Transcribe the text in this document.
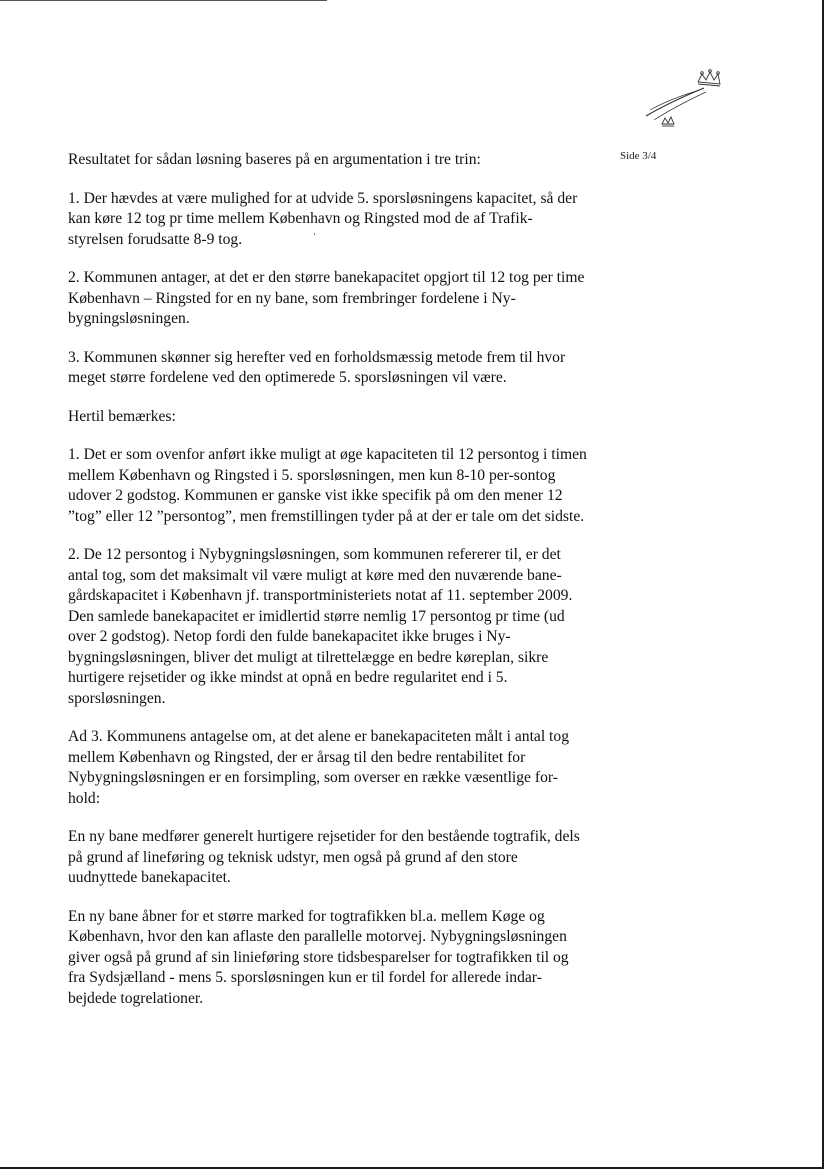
Side 3/4

Resultatet for sådan løsning baseres på en argumentation i tre trin:

1. Der hævdes at være mulighed for at udvide 5. sporsløsningens kapacitet, så der kan køre 12 tog pr time mellem København og Ringsted mod de af Trafik-styrelsen forudsatte 8-9 tog.

2. Kommunen antager, at det er den større banekapacitet opgjort til 12 tog per time København – Ringsted for en ny bane, som frembringer fordelene i Ny-bygningsløsningen.

3. Kommunen skønner sig herefter ved en forholdsmæssig metode frem til hvor meget større fordelene ved den optimerede 5. sporsløsningen vil være.

Hertil bemærkes:

1. Det er som ovenfor anført ikke muligt at øge kapaciteten til 12 persontog i timen mellem København og Ringsted i 5. sporsløsningen, men kun 8-10 per-sontog udover 2 godstog. Kommunen er ganske vist ikke specifik på om den mener 12 ”tog” eller 12 ”persontog”, men fremstillingen tyder på at der er tale om det sidste.

2. De 12 persontog i Nybygningsløsningen, som kommunen refererer til, er det antal tog, som det maksimalt vil være muligt at køre med den nuværende bane-gårdskapacitet i København jf. transportministeriets notat af 11. september 2009. Den samlede banekapacitet er imidlertid større nemlig 17 persontog pr time (ud over 2 godstog). Netop fordi den fulde banekapacitet ikke bruges i Ny-bygningsløsningen, bliver det muligt at tilrettelægge en bedre køreplan, sikre hurtigere rejsetider og ikke mindst at opnå en bedre regularitet end i 5. sporsløsningen.

Ad 3. Kommunens antagelse om, at det alene er banekapaciteten målt i antal tog mellem København og Ringsted, der er årsag til den bedre rentabilitet for Nybygningsløsningen er en forsimpling, som overser en række væsentlige for-hold:

En ny bane medfører generelt hurtigere rejsetider for den bestående togtrafik, dels på grund af lineføring og teknisk udstyr, men også på grund af den store uudnyttede banekapacitet.

En ny bane åbner for et større marked for togtrafikken bl.a. mellem Køge og København, hvor den kan aflaste den parallelle motorvej. Nybygningsløsningen giver også på grund af sin linieføring store tidsbesparelser for togtrafikken til og fra Sydsjælland - mens 5. sporsløsningen kun er til fordel for allerede indar-bejdede togrelationer.
